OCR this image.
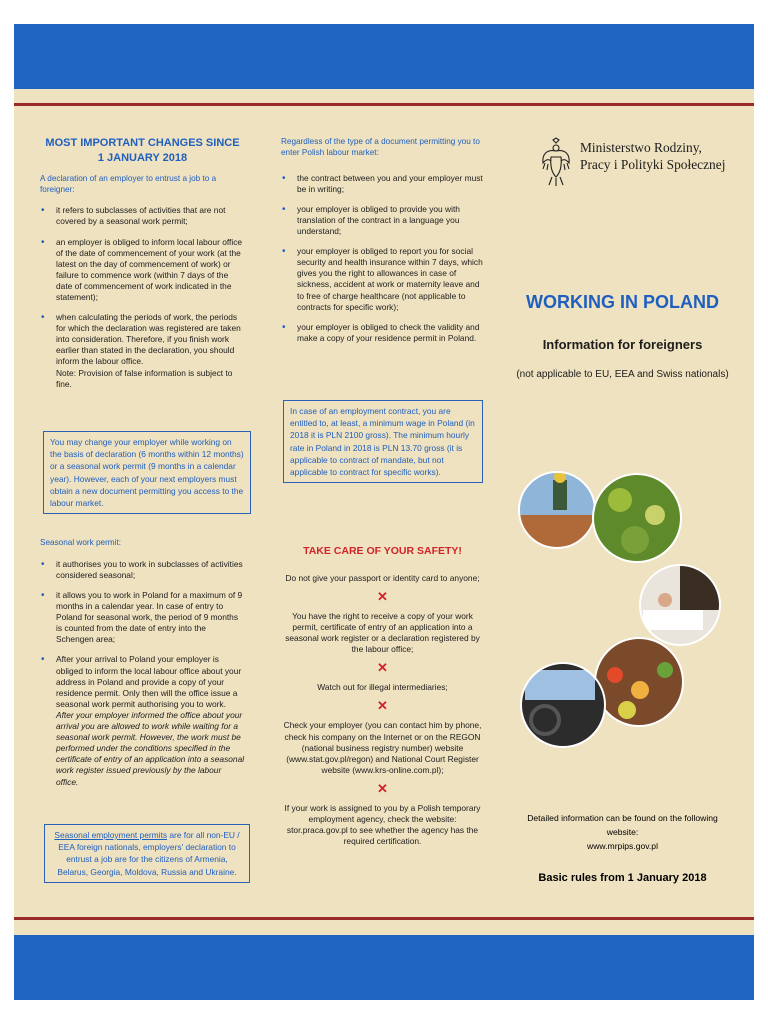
MOST IMPORTANT CHANGES SINCE
1 JANUARY 2018
A declaration of an employer to entrust a job to a foreigner:
• it refers to subclasses of activities that are not covered by a seasonal work permit;
• an employer is obliged to inform local labour office of the date of commencement of your work (at the latest on the day of commencement of work) or failure to commence work (within 7 days of the date of commencement of work indicated in the statement);
• when calculating the periods of work, the periods for which the declaration was registered are taken into consideration. Therefore, if you finish work earlier than stated in the declaration, you should inform the labour office.
Note: Provision of false information is subject to fine.
You may change your employer while working on the basis of declaration (6 months within 12 months) or a seasonal work permit (9 months in a calendar year). However, each of your next employers must obtain a new document permitting you access to the labour market.
Seasonal work permit:
• it authorises you to work in subclasses of activities considered seasonal;
• it allows you to work in Poland for a maximum of 9 months in a calendar year. In case of entry to Poland for seasonal work, the period of 9 months is counted from the date of entry into the Schengen area;
• After your arrival to Poland your employer is obliged to inform the local labour office about your address in Poland and provide a copy of your residence permit. Only then will the office issue a seasonal work permit authorising you to work. After your employer informed the office about your arrival you are allowed to work while waiting for a seasonal work permit. However, the work must be performed under the conditions specified in the certificate of entry of an application into a seasonal work register issued previously by the labour office.
Seasonal employment permits are for all non-EU / EEA foreign nationals, employers' declaration to entrust a job are for the citizens of Armenia, Belarus, Georgia, Moldova, Russia and Ukraine.
Regardless of the type of a document permitting you to enter Polish labour market:
• the contract between you and your employer must be in writing;
• your employer is obliged to provide you with translation of the contract in a language you understand;
• your employer is obliged to report you for social security and health insurance within 7 days, which gives you the right to allowances in case of sickness, accident at work or maternity leave and to free of charge healthcare (not applicable to contracts for specific work);
• your employer is obliged to check the validity and make a copy of your residence permit in Poland.
In case of an employment contract, you are entitled to, at least, a minimum wage in Poland (in 2018 it is PLN 2100 gross). The minimum hourly rate in Poland in 2018 is PLN 13.70 gross (it is applicable to contract of mandate, but not applicable to contract for specific works).
TAKE CARE OF YOUR SAFETY!
Do not give your passport or identity card to anyone;
✕
You have the right to receive a copy of your work permit, certificate of entry of an application into a seasonal work register or a declaration registered by the labour office;
✕
Watch out for illegal intermediaries;
✕
Check your employer (you can contact him by phone, check his company on the Internet or on the REGON (national business registry number) website (www.stat.gov.pl/regon) and National Court Register website (www.krs-online.com.pl);
✕
If your work is assigned to you by a Polish temporary employment agency, check the website: stor.praca.gov.pl to see whether the agency has the required certification.
Ministerstwo Rodziny,
Pracy i Polityki Społecznej
WORKING IN POLAND
Information for foreigners
(not applicable to EU, EEA and Swiss nationals)
Detailed information can be found on the following website:
www.mrpips.gov.pl
Basic rules from 1 January 2018
